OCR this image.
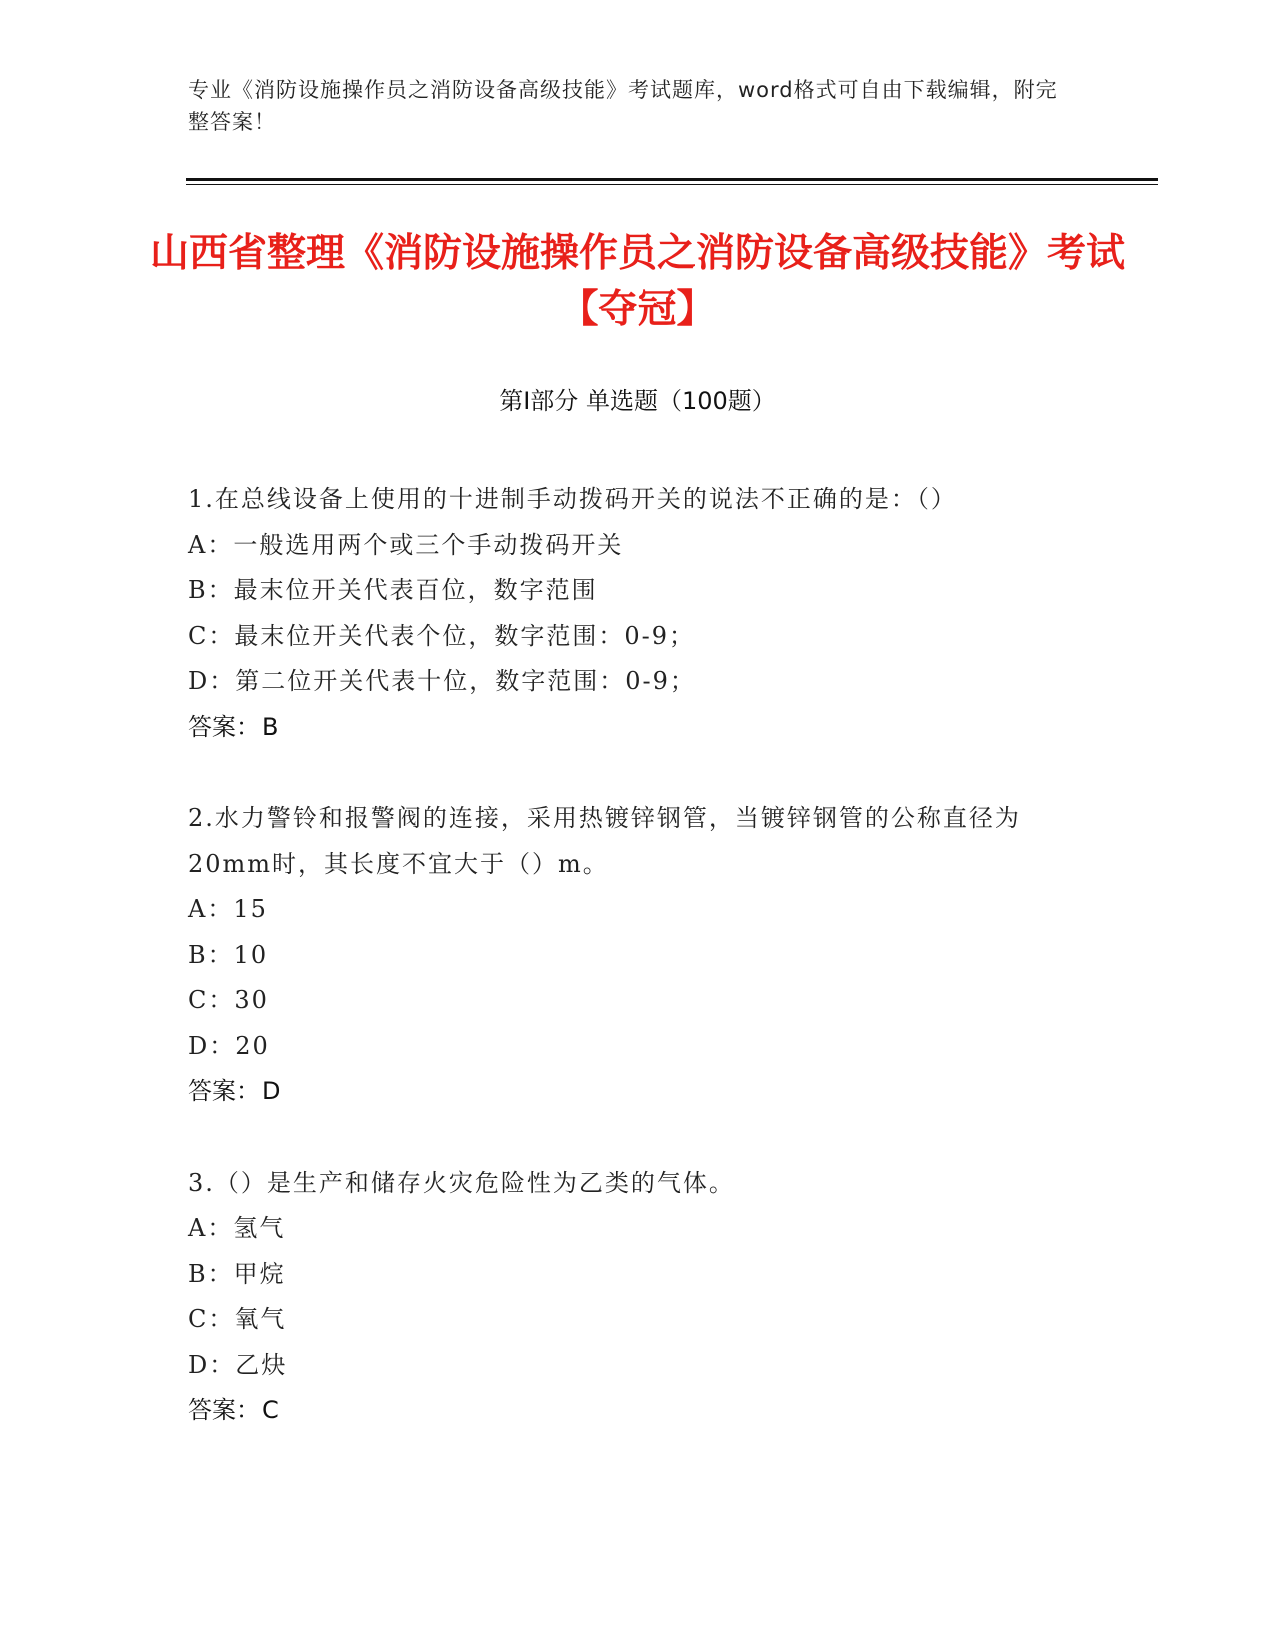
专业《消防设施操作员之消防设备高级技能》考试题库，word格式可自由下载编辑，附完整答案！
山西省整理《消防设施操作员之消防设备高级技能》考试【夺冠】
第Ⅰ部分 单选题（100题）
1.在总线设备上使用的十进制手动拨码开关的说法不正确的是：（）
A：一般选用两个或三个手动拨码开关
B：最末位开关代表百位，数字范围
C：最末位开关代表个位，数字范围：0-9；
D：第二位开关代表十位，数字范围：0-9；
答案：B
2.水力警铃和报警阀的连接，采用热镀锌钢管，当镀锌钢管的公称直径为20mm时，其长度不宜大于（）m。
A：15
B：10
C：30
D：20
答案：D
3.（）是生产和储存火灾危险性为乙类的气体。
A：氢气
B：甲烷
C：氧气
D：乙炔
答案：C
